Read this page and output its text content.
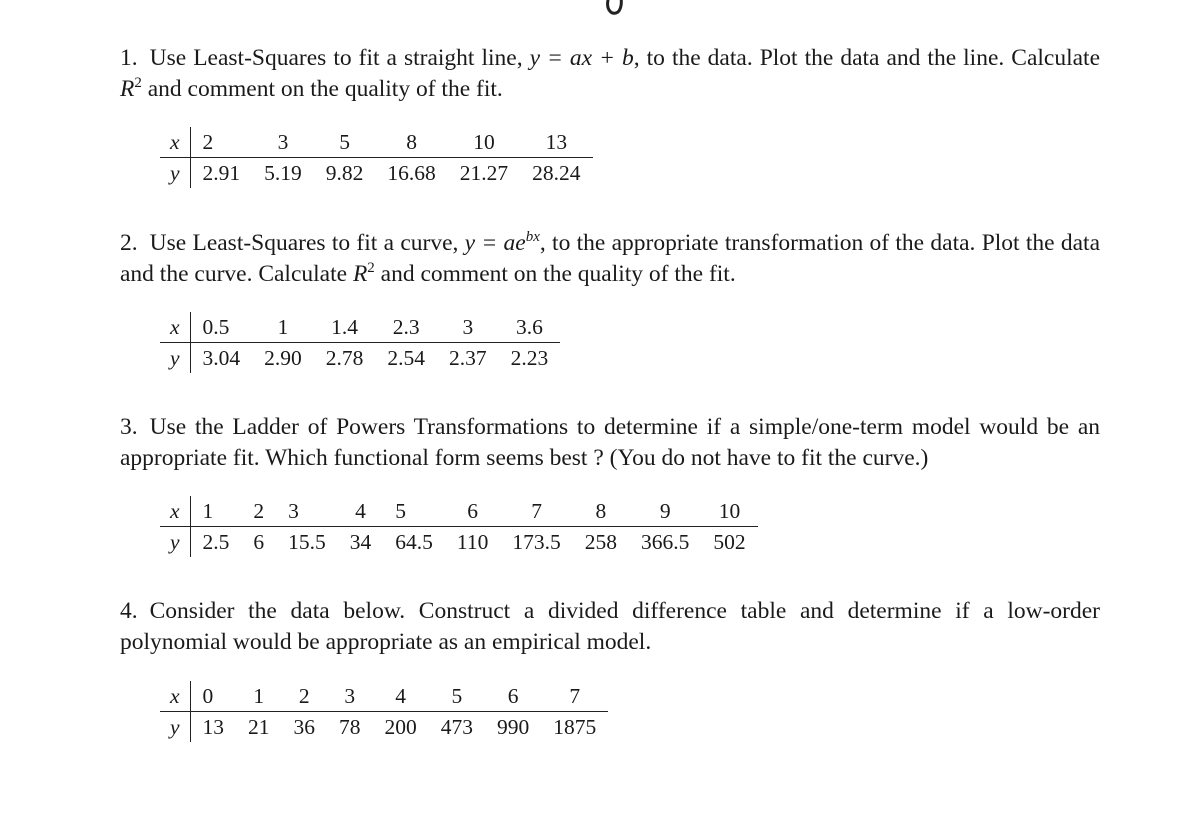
1. Use Least-Squares to fit a straight line, y = ax + b, to the data. Plot the data and the line. Calculate $R^2$ and comment on the quality of the fit.

x	2	3	5	8	10	13
y	2.91	5.19	9.82	16.68	21.27	28.24

2. Use Least-Squares to fit a curve, $y = ae^{bx}$, to the appropriate transformation of the data. Plot the data and the curve. Calculate $R^2$ and comment on the quality of the fit.

x	0.5	1	1.4	2.3	3	3.6
y	3.04	2.90	2.78	2.54	2.37	2.23

3. Use the Ladder of Powers Transformations to determine if a simple/one-term model would be an appropriate fit. Which functional form seems best ? (You do not have to fit the curve.)

x	1	2	3	4	5	6	7	8	9	10
y	2.5	6	15.5	34	64.5	110	173.5	258	366.5	502

4. Consider the data below. Construct a divided difference table and determine if a low-order polynomial would be appropriate as an empirical model.

x	0	1	2	3	4	5	6	7
y	13	21	36	78	200	473	990	1875
